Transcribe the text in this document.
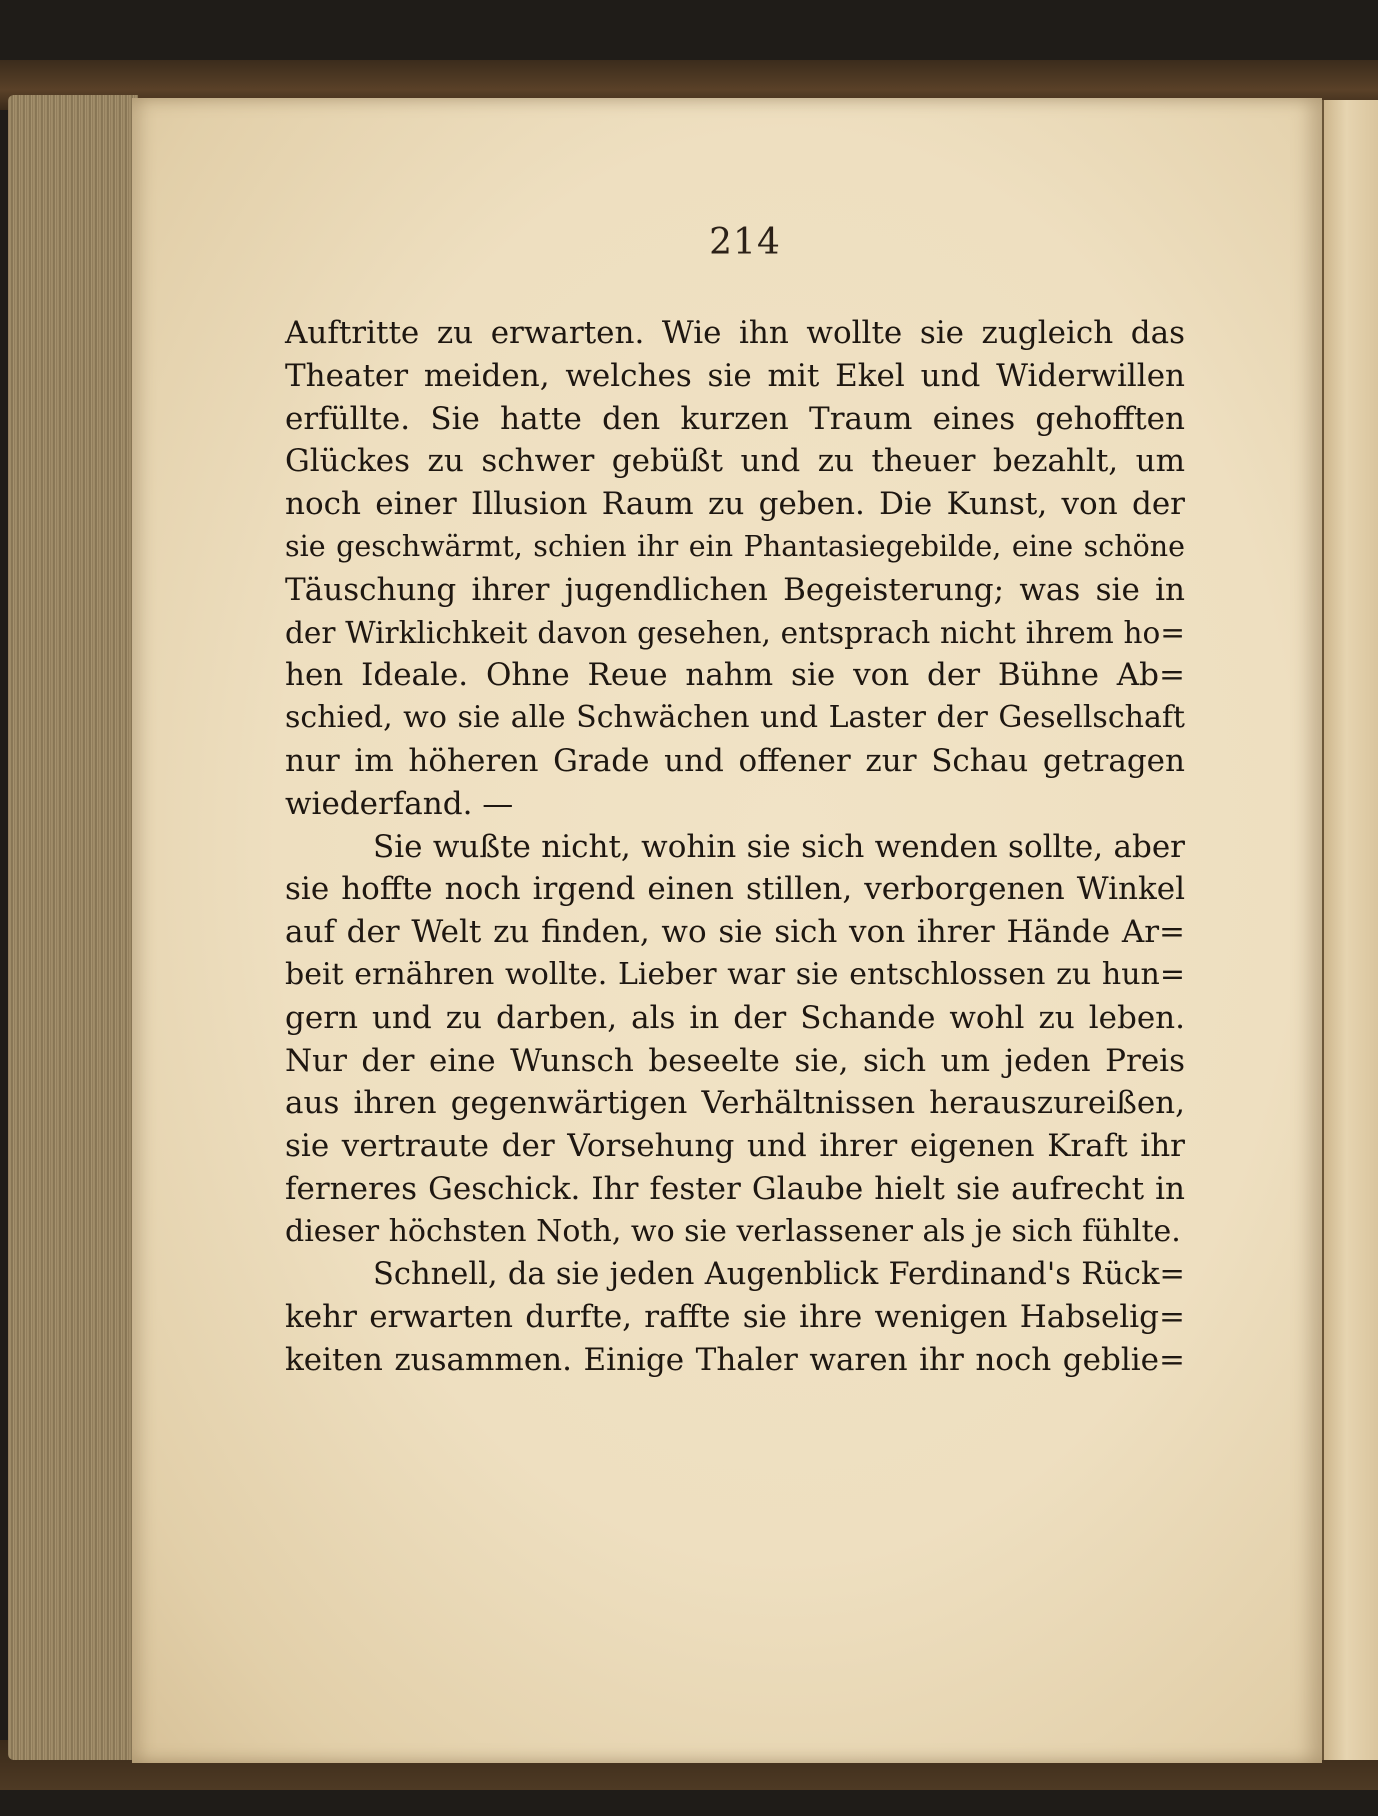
214
Auftritte zu erwarten. Wie ihn wollte sie zugleich das
Theater meiden, welches sie mit Ekel und Widerwillen
erfüllte. Sie hatte den kurzen Traum eines gehofften
Glückes zu schwer gebüßt und zu theuer bezahlt, um
noch einer Illusion Raum zu geben. Die Kunst, von der
sie geschwärmt, schien ihr ein Phantasiegebilde, eine schöne
Täuschung ihrer jugendlichen Begeisterung; was sie in
der Wirklichkeit davon gesehen, entsprach nicht ihrem ho=
hen Ideale. Ohne Reue nahm sie von der Bühne Ab=
schied, wo sie alle Schwächen und Laster der Gesellschaft
nur im höheren Grade und offener zur Schau getragen
wiederfand. —
Sie wußte nicht, wohin sie sich wenden sollte, aber
sie hoffte noch irgend einen stillen, verborgenen Winkel
auf der Welt zu finden, wo sie sich von ihrer Hände Ar=
beit ernähren wollte. Lieber war sie entschlossen zu hun=
gern und zu darben, als in der Schande wohl zu leben.
Nur der eine Wunsch beseelte sie, sich um jeden Preis
aus ihren gegenwärtigen Verhältnissen herauszureißen,
sie vertraute der Vorsehung und ihrer eigenen Kraft ihr
ferneres Geschick. Ihr fester Glaube hielt sie aufrecht in
dieser höchsten Noth, wo sie verlassener als je sich fühlte.
Schnell, da sie jeden Augenblick Ferdinand's Rück=
kehr erwarten durfte, raffte sie ihre wenigen Habselig=
keiten zusammen. Einige Thaler waren ihr noch geblie=
